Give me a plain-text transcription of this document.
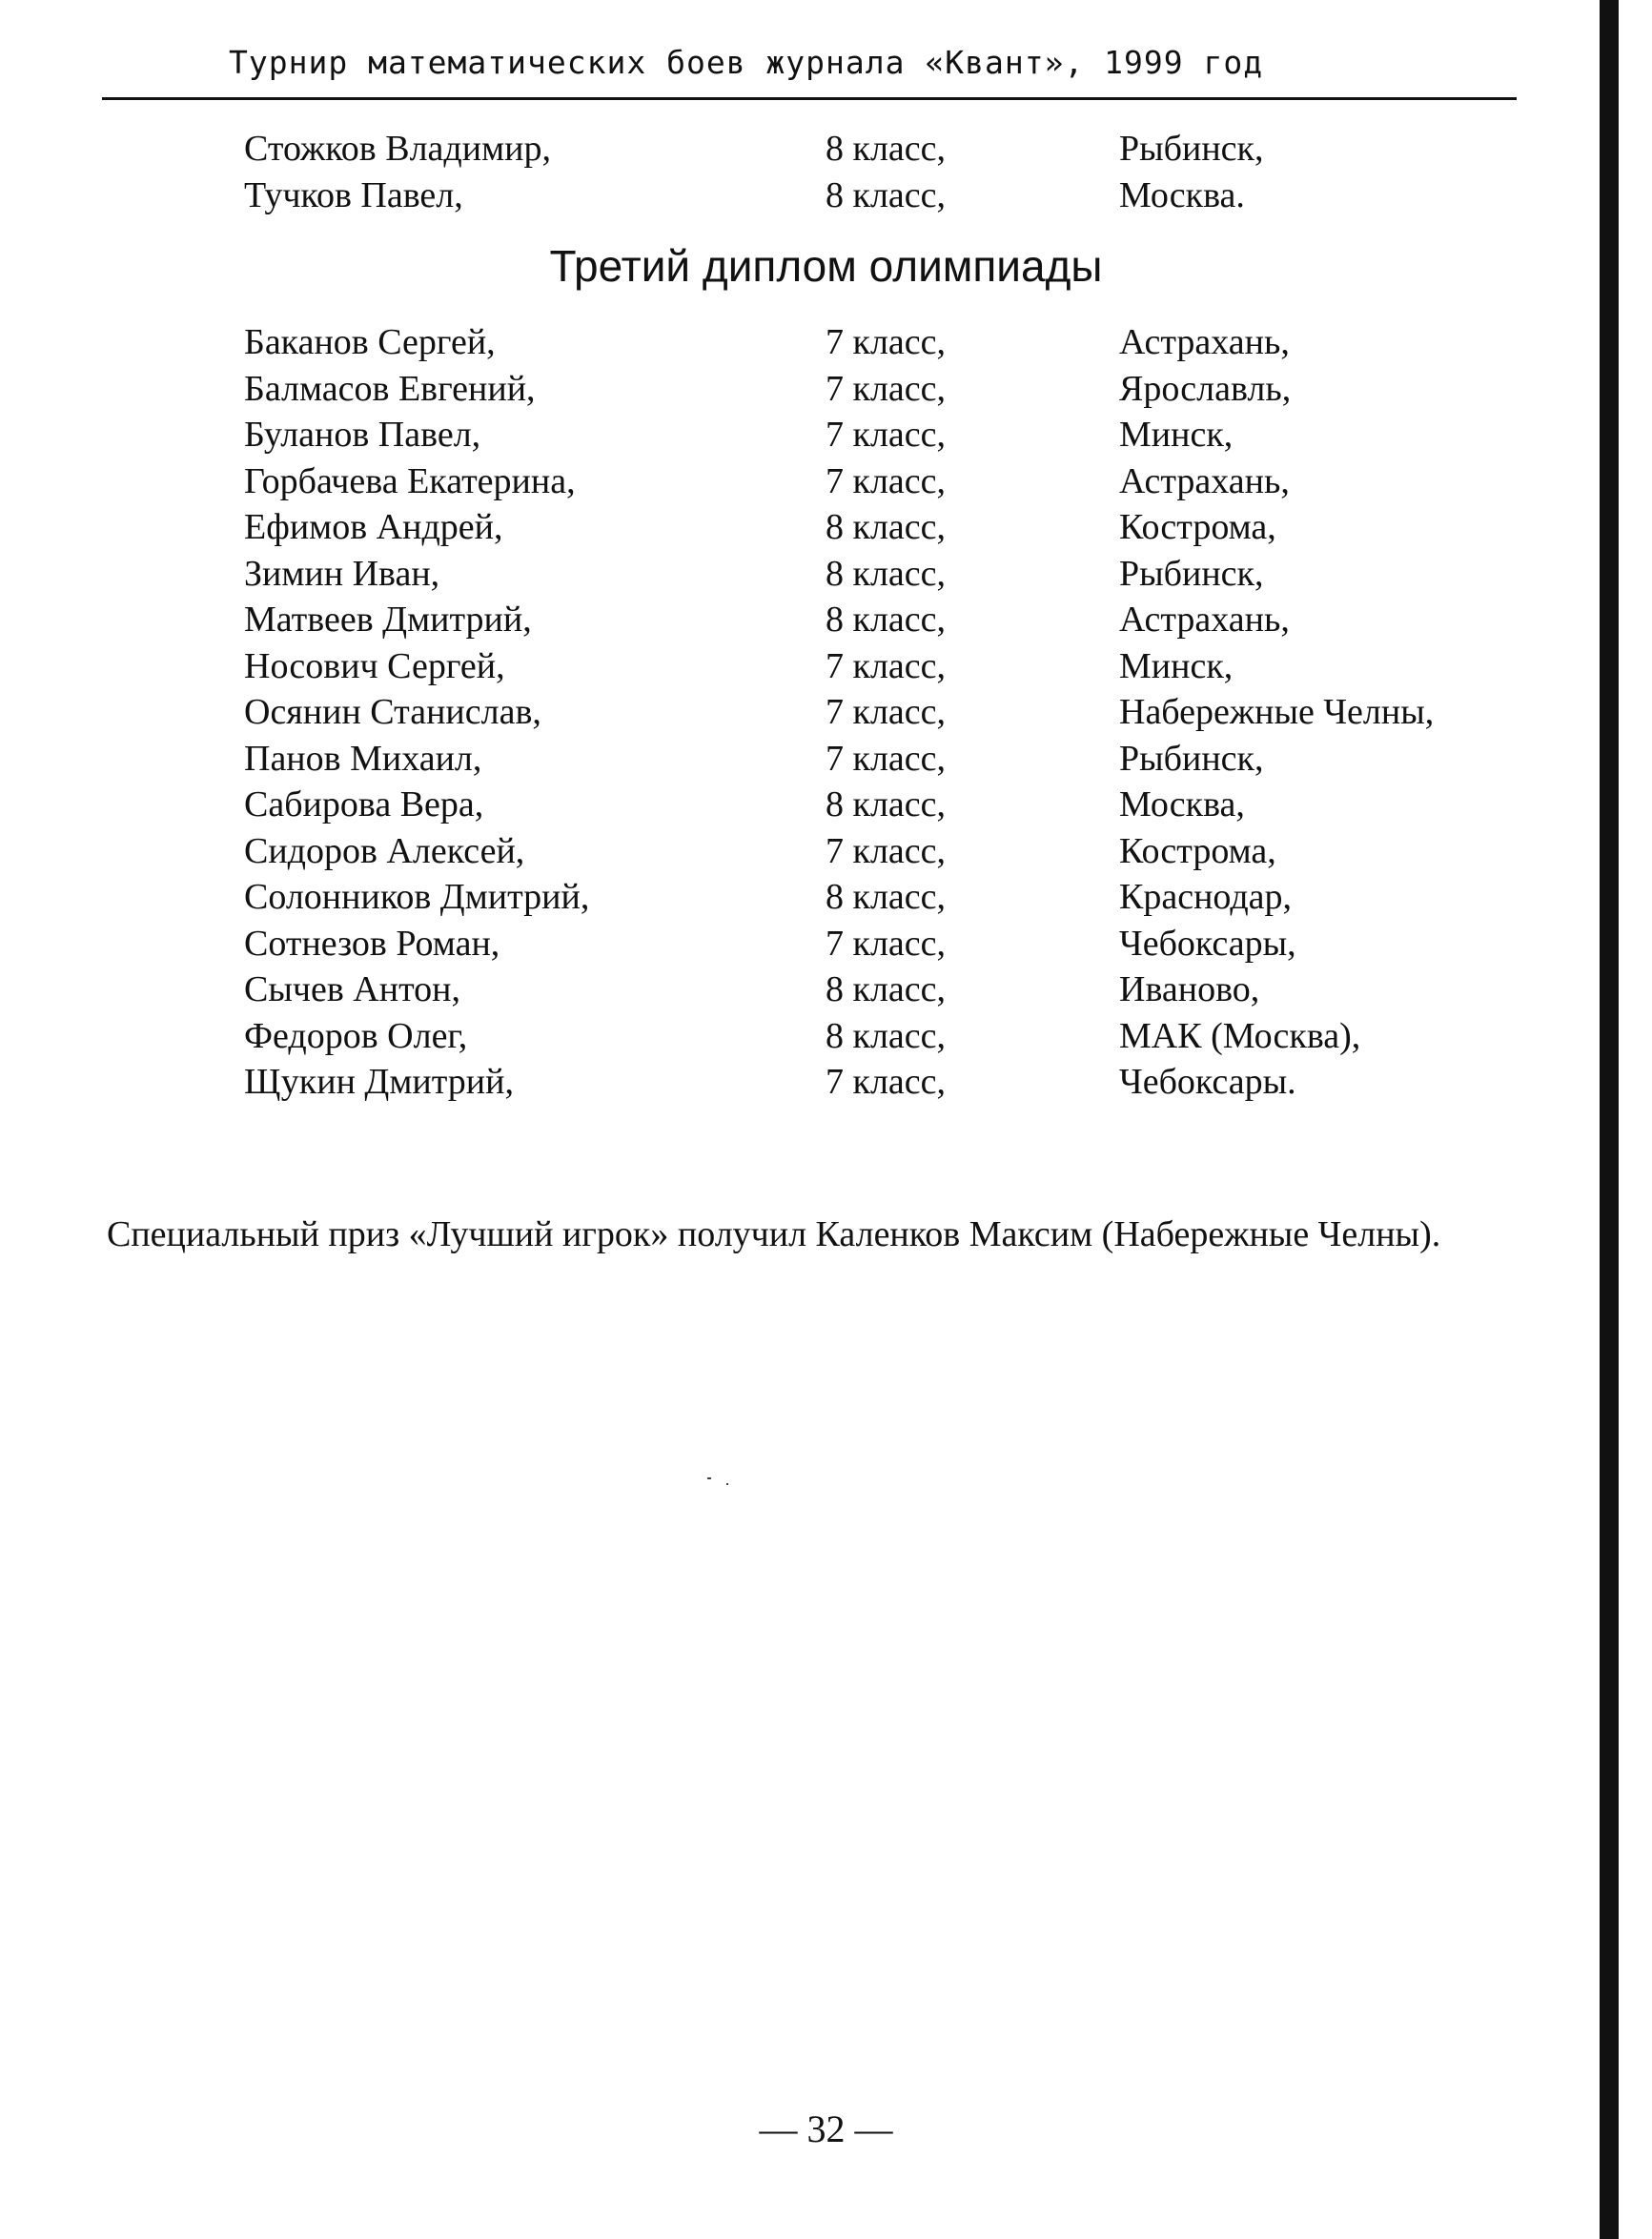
Турнир математических боев журнала «Квант», 1999 год
Стожков Владимир,	8 класс,	Рыбинск,
Тучков Павел,	8 класс,	Москва.
Третий диплом олимпиады
Баканов Сергей,	7 класс,	Астрахань,
Балмасов Евгений,	7 класс,	Ярославль,
Буланов Павел,	7 класс,	Минск,
Горбачева Екатерина,	7 класс,	Астрахань,
Ефимов Андрей,	8 класс,	Кострома,
Зимин Иван,	8 класс,	Рыбинск,
Матвеев Дмитрий,	8 класс,	Астрахань,
Носович Сергей,	7 класс,	Минск,
Осянин Станислав,	7 класс,	Набережные Челны,
Панов Михаил,	7 класс,	Рыбинск,
Сабирова Вера,	8 класс,	Москва,
Сидоров Алексей,	7 класс,	Кострома,
Солонников Дмитрий,	8 класс,	Краснодар,
Сотнезов Роман,	7 класс,	Чебоксары,
Сычев Антон,	8 класс,	Иваново,
Федоров Олег,	8 класс,	МАК (Москва),
Щукин Дмитрий,	7 класс,	Чебоксары.

Специальный приз «Лучший игрок» получил Каленков Максим (Набережные Челны).

— 32 —
